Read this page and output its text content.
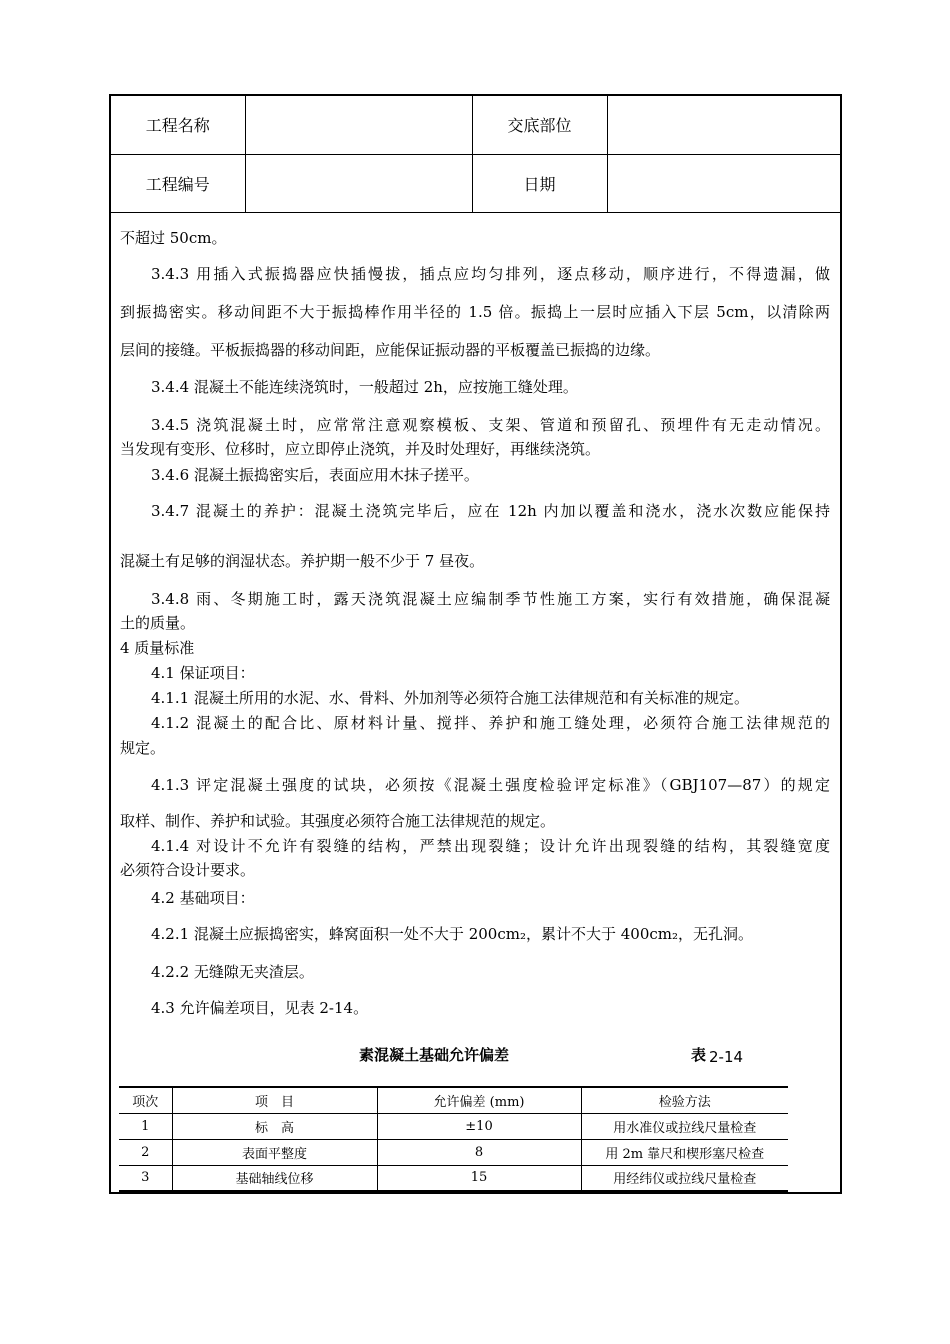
工程名称		交底部位	
工程编号		日期	
不超过 50cm。
3.4.3 用插入式振捣器应快插慢拔，插点应均匀排列，逐点移动，顺序进行，不得遗漏，做
到振捣密实。移动间距不大于振捣棒作用半径的 1.5 倍。振捣上一层时应插入下层 5cm，以清除两
层间的接缝。平板振捣器的移动间距，应能保证振动器的平板覆盖已振捣的边缘。
3.4.4 混凝土不能连续浇筑时，一般超过 2h，应按施工缝处理。
3.4.5 浇筑混凝土时，应常常注意观察模板、支架、管道和预留孔、预埋件有无走动情况。
当发现有变形、位移时，应立即停止浇筑，并及时处理好，再继续浇筑。
3.4.6 混凝土振捣密实后，表面应用木抹子搓平。
3.4.7 混凝土的养护：混凝土浇筑完毕后，应在 12h 内加以覆盖和浇水，浇水次数应能保持
混凝土有足够的润湿状态。养护期一般不少于 7 昼夜。
3.4.8 雨、冬期施工时，露天浇筑混凝土应编制季节性施工方案，实行有效措施，确保混凝
土的质量。
4 质量标准
4.1 保证项目：
4.1.1 混凝土所用的水泥、水、骨料、外加剂等必须符合施工法律规范和有关标准的规定。
4.1.2 混凝土的配合比、原材料计量、搅拌、养护和施工缝处理，必须符合施工法律规范的
规定。
4.1.3 评定混凝土强度的试块，必须按《混凝土强度检验评定标准》（GBJ107—87）的规定
取样、制作、养护和试验。其强度必须符合施工法律规范的规定。
4.1.4 对设计不允许有裂缝的结构，严禁出现裂缝；设计允许出现裂缝的结构，其裂缝宽度
必须符合设计要求。
4.2 基础项目：
4.2.1 混凝土应振捣密实，蜂窝面积一处不大于 200cm₂，累计不大于 400cm₂，无孔洞。
4.2.2 无缝隙无夹渣层。
4.3 允许偏差项目，见表 2-14。
素混凝土基础允许偏差	表 2-14
项次	项　目	允许偏差 (mm)	检验方法
1	标　高	±10	用水准仪或拉线尺量检查
2	表面平整度	8	用 2m 靠尺和楔形塞尺检查
3	基础轴线位移	15	用经纬仪或拉线尺量检查
